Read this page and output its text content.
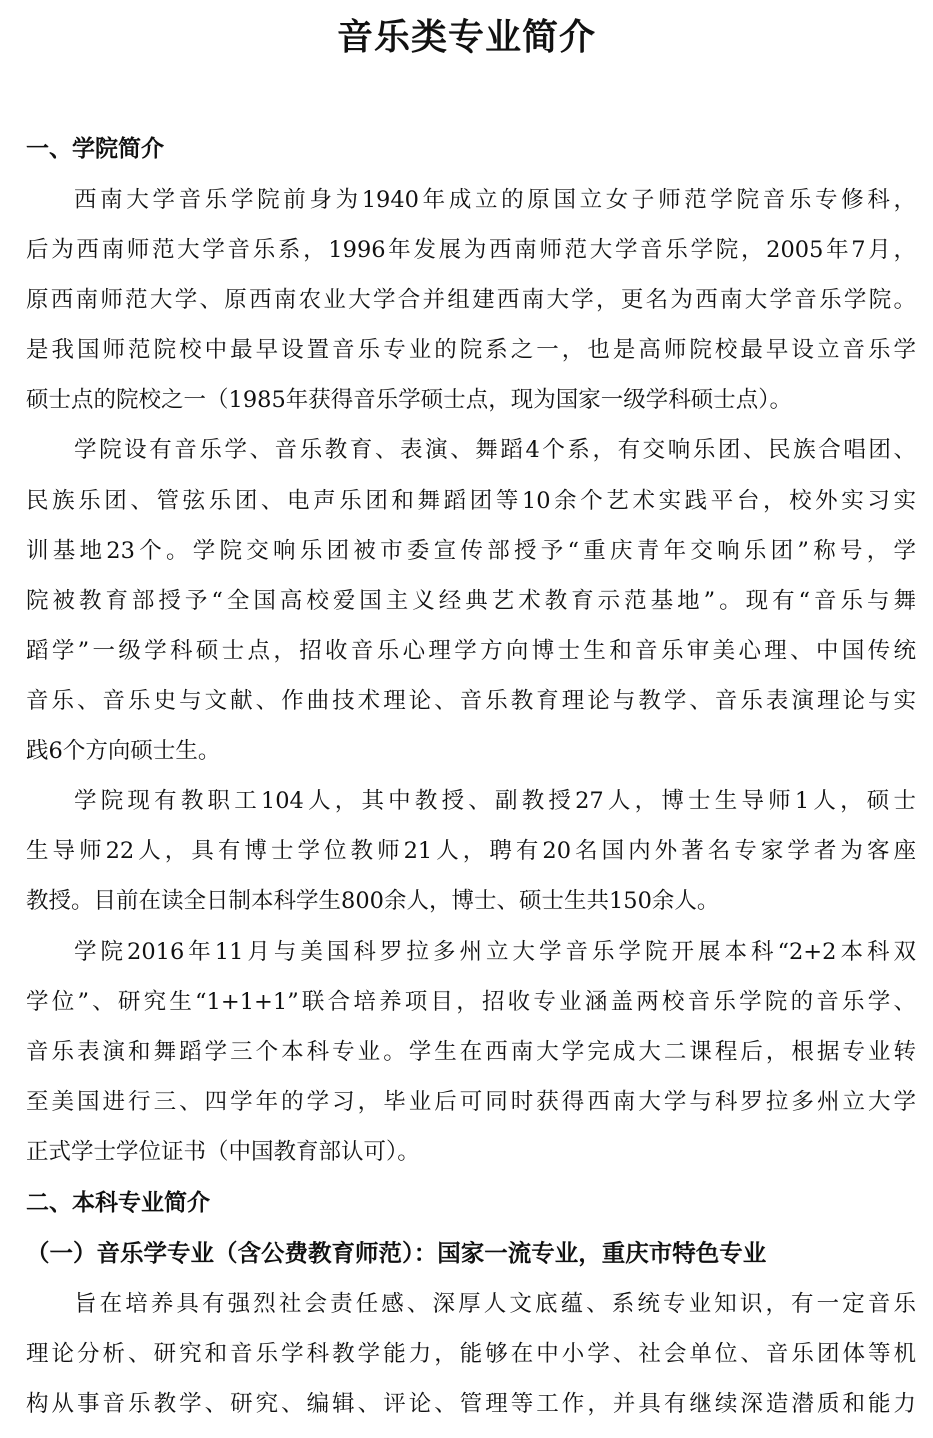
音乐类专业简介
一、学院简介
西南大学音乐学院前身为1940年成立的原国立女子师范学院音乐专修科，
后为西南师范大学音乐系，1996年发展为西南师范大学音乐学院，2005年7月，
原西南师范大学、原西南农业大学合并组建西南大学，更名为西南大学音乐学院。
是我国师范院校中最早设置音乐专业的院系之一，也是高师院校最早设立音乐学
硕士点的院校之一（1985年获得音乐学硕士点，现为国家一级学科硕士点）。
学院设有音乐学、音乐教育、表演、舞蹈4个系，有交响乐团、民族合唱团、
民族乐团、管弦乐团、电声乐团和舞蹈团等10余个艺术实践平台，校外实习实
训基地23个。学院交响乐团被市委宣传部授予“重庆青年交响乐团”称号，学
院被教育部授予“全国高校爱国主义经典艺术教育示范基地”。现有“音乐与舞
蹈学”一级学科硕士点，招收音乐心理学方向博士生和音乐审美心理、中国传统
音乐、音乐史与文献、作曲技术理论、音乐教育理论与教学、音乐表演理论与实
践6个方向硕士生。
学院现有教职工104人，其中教授、副教授27人，博士生导师1人，硕士
生导师22人，具有博士学位教师21人，聘有20名国内外著名专家学者为客座
教授。目前在读全日制本科学生800余人，博士、硕士生共150余人。
学院2016年11月与美国科罗拉多州立大学音乐学院开展本科“2+2本科双
学位”、研究生“1+1+1”联合培养项目，招收专业涵盖两校音乐学院的音乐学、
音乐表演和舞蹈学三个本科专业。学生在西南大学完成大二课程后，根据专业转
至美国进行三、四学年的学习，毕业后可同时获得西南大学与科罗拉多州立大学
正式学士学位证书（中国教育部认可）。
二、本科专业简介
（一）音乐学专业（含公费教育师范）：国家一流专业，重庆市特色专业
旨在培养具有强烈社会责任感、深厚人文底蕴、系统专业知识，有一定音乐
理论分析、研究和音乐学科教学能力，能够在中小学、社会单位、音乐团体等机
构从事音乐教学、研究、编辑、评论、管理等工作，并具有继续深造潜质和能力
